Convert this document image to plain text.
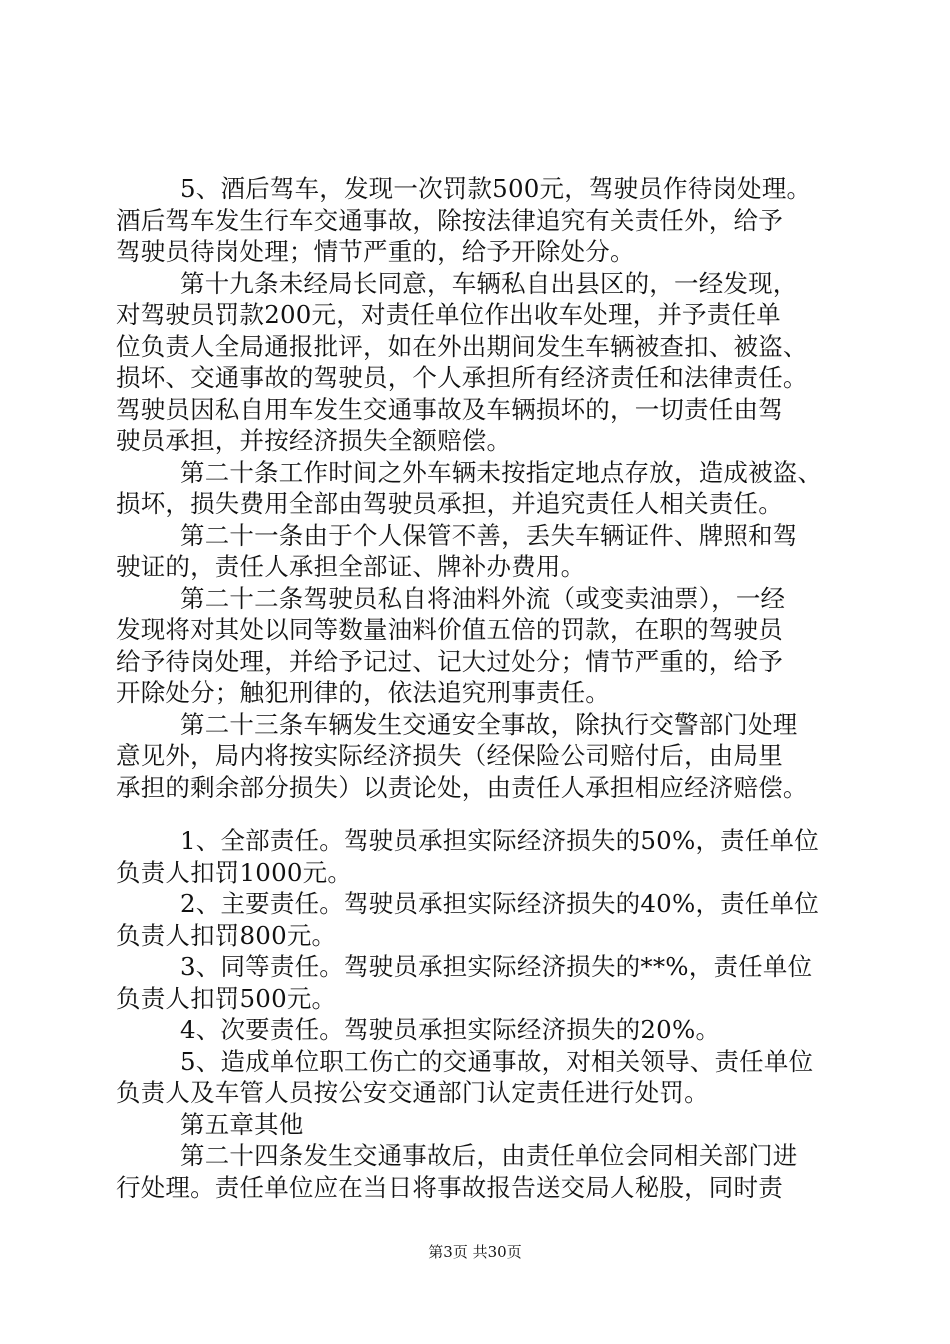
5、酒后驾车，发现一次罚款500元，驾驶员作待岗处理。
酒后驾车发生行车交通事故，除按法律追究有关责任外，给予
驾驶员待岗处理；情节严重的，给予开除处分。
第十九条未经局长同意，车辆私自出县区的，一经发现，
对驾驶员罚款200元，对责任单位作出收车处理，并予责任单
位负责人全局通报批评，如在外出期间发生车辆被查扣、被盗、
损坏、交通事故的驾驶员，个人承担所有经济责任和法律责任。
驾驶员因私自用车发生交通事故及车辆损坏的，一切责任由驾
驶员承担，并按经济损失全额赔偿。
第二十条工作时间之外车辆未按指定地点存放，造成被盗、
损坏，损失费用全部由驾驶员承担，并追究责任人相关责任。
第二十一条由于个人保管不善，丢失车辆证件、牌照和驾
驶证的，责任人承担全部证、牌补办费用。
第二十二条驾驶员私自将油料外流（或变卖油票），一经
发现将对其处以同等数量油料价值五倍的罚款，在职的驾驶员
给予待岗处理，并给予记过、记大过处分；情节严重的，给予
开除处分；触犯刑律的，依法追究刑事责任。
第二十三条车辆发生交通安全事故，除执行交警部门处理
意见外，局内将按实际经济损失（经保险公司赔付后，由局里
承担的剩余部分损失）以责论处，由责任人承担相应经济赔偿。
1、全部责任。驾驶员承担实际经济损失的50%，责任单位
负责人扣罚1000元。
2、主要责任。驾驶员承担实际经济损失的40%，责任单位
负责人扣罚800元。
3、同等责任。驾驶员承担实际经济损失的**%，责任单位
负责人扣罚500元。
4、次要责任。驾驶员承担实际经济损失的20%。
5、造成单位职工伤亡的交通事故，对相关领导、责任单位
负责人及车管人员按公安交通部门认定责任进行处罚。
第五章其他
第二十四条发生交通事故后，由责任单位会同相关部门进
行处理。责任单位应在当日将事故报告送交局人秘股，同时责
第3页 共30页
